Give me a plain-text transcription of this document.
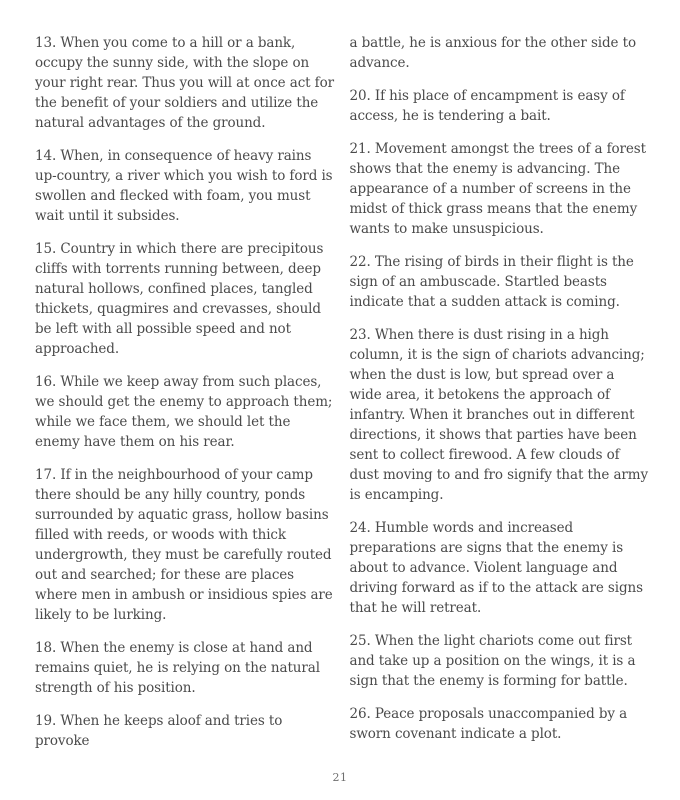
13. When you come to a hill or a bank, occupy the sunny side, with the slope on your right rear. Thus you will at once act for the benefit of your soldiers and utilize the natural advantages of the ground.

14. When, in consequence of heavy rains up-country, a river which you wish to ford is swollen and flecked with foam, you must wait until it subsides.

15. Country in which there are precipitous cliffs with torrents running between, deep natural hollows, confined places, tangled thickets, quagmires and crevasses, should be left with all possible speed and not approached.

16. While we keep away from such places, we should get the enemy to approach them; while we face them, we should let the enemy have them on his rear.

17. If in the neighbourhood of your camp there should be any hilly country, ponds surrounded by aquatic grass, hollow basins filled with reeds, or woods with thick undergrowth, they must be carefully routed out and searched; for these are places where men in ambush or insidious spies are likely to be lurking.

18. When the enemy is close at hand and remains quiet, he is relying on the natural strength of his position.

19. When he keeps aloof and tries to provoke

a battle, he is anxious for the other side to advance.

20. If his place of encampment is easy of access, he is tendering a bait.

21. Movement amongst the trees of a forest shows that the enemy is advancing. The appearance of a number of screens in the midst of thick grass means that the enemy wants to make unsuspicious.

22. The rising of birds in their flight is the sign of an ambuscade. Startled beasts indicate that a sudden attack is coming.

23. When there is dust rising in a high column, it is the sign of chariots advancing; when the dust is low, but spread over a wide area, it betokens the approach of infantry. When it branches out in different directions, it shows that parties have been sent to collect firewood. A few clouds of dust moving to and fro signify that the army is encamping.

24. Humble words and increased preparations are signs that the enemy is about to advance. Violent language and driving forward as if to the attack are signs that he will retreat.

25. When the light chariots come out first and take up a position on the wings, it is a sign that the enemy is forming for battle.

26. Peace proposals unaccompanied by a sworn covenant indicate a plot.

21
